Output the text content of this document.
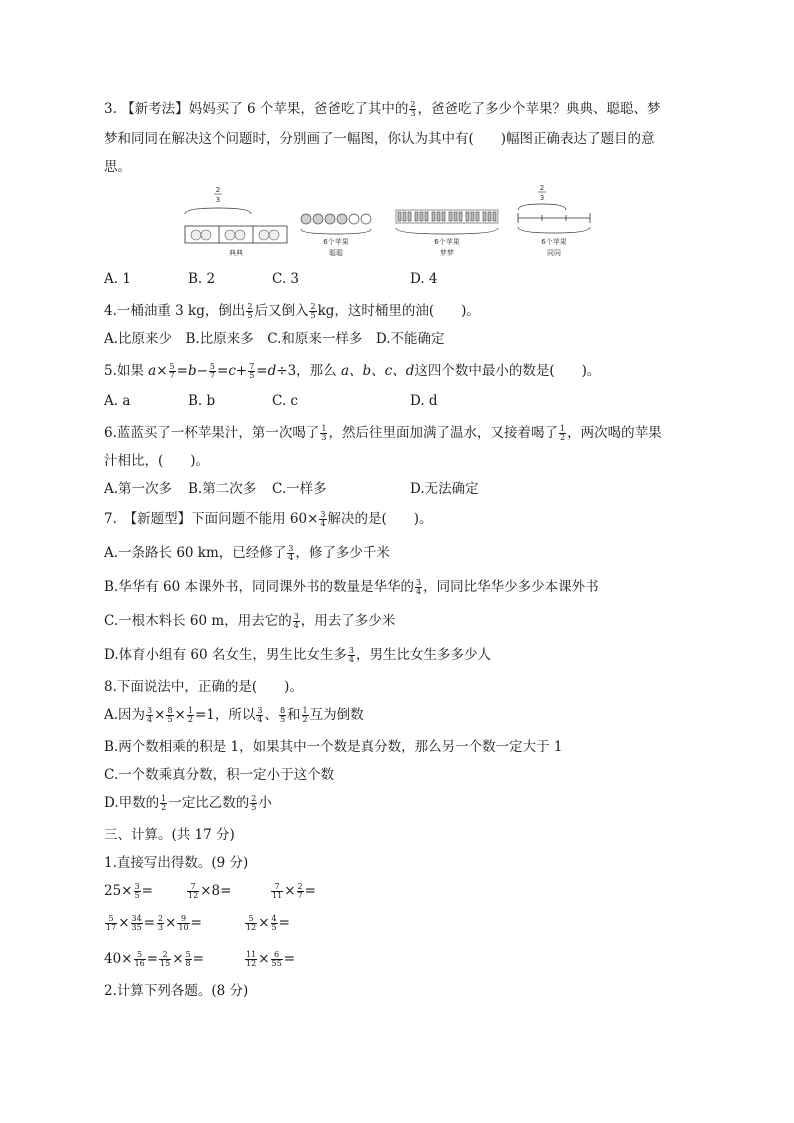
3. 【新考法】妈妈买了 6 个苹果，爸爸吃了其中的 $\frac{2}{3}$ ，爸爸吃了多少个苹果？典典、聪聪、梦
梦和同同在解决这个问题时，分别画了一幅图，你认为其中有(　　)幅图正确表达了题目的意
思。
2
3
典典
6个苹果
聪聪
6个苹果
梦梦
2
3
6个苹果
同同
A. 1	B. 2	C. 3	D. 4
4.一桶油重 3 kg，倒出 $\frac{2}{5}$ 后又倒入 $\frac{2}{5}$ kg，这时桶里的油(　　)。
A.比原来少　B.比原来多　C.和原来一样多　D.不能确定
5.如果 $a\times \frac{5}{7} =b- \frac{5}{7} =c+ \frac{7}{5} =d\div 3$，那么 a、b、c、d这四个数中最小的数是(　　)。
A. a	B. b	C. c	D. d
6.蓝蓝买了一杯苹果汁，第一次喝了 $\frac{1}{3}$ ，然后往里面加满了温水，又接着喝了 $\frac{1}{2}$ ，两次喝的苹果
汁相比，(　　)。
A.第一次多 B.第二次多 C.一样多	D.无法确定
7.　【新题型】下面问题不能用 $60\times \frac{3}{4}$ 解决的是(　　)。
A.一条路长 60 km，已经修了 $\frac{3}{4}$ ，修了多少千米
B.华华有 60 本课外书，同同课外书的数量是华华的 $\frac{3}{4}$ ，同同比华华少多少本课外书
C.一根木料长 60 m，用去它的 $\frac{3}{4}$ ，用去了多少米
D.体育小组有 60 名女生，男生比女生多 $\frac{3}{4}$ ，男生比女生多多少人
8.下面说法中，正确的是(　　)。
A.因为 $\frac{3}{4} \times \frac{8}{5} \times \frac{1}{2} =1$，所以 $\frac{3}{4}$ 、 $\frac{8}{5}$ 和 $\frac{1}{2}$ 互为倒数
B.两个数相乘的积是 1，如果其中一个数是真分数，那么另一个数一定大于 1
C.一个数乘真分数，积一定小于这个数
D.甲数的 $\frac{1}{2}$ 一定比乙数的 $\frac{2}{5}$ 小
三、计算。(共 17 分)
1.直接写出得数。(9 分)
$25\times \frac{3}{5}$ =	$\frac{7}{12} \times 8=$	$\frac{7}{11} \times \frac{2}{7}$ =
$\frac{5}{17} \times \frac{34}{35} = \frac{2}{3} \times \frac{9}{10}$ =	$\frac{5}{12} \times \frac{4}{5}$ =
$40\times \frac{5}{16} = \frac{2}{15} \times \frac{5}{8}$ =	$\frac{11}{12} \times \frac{6}{55}$ =
2.计算下列各题。(8 分)
